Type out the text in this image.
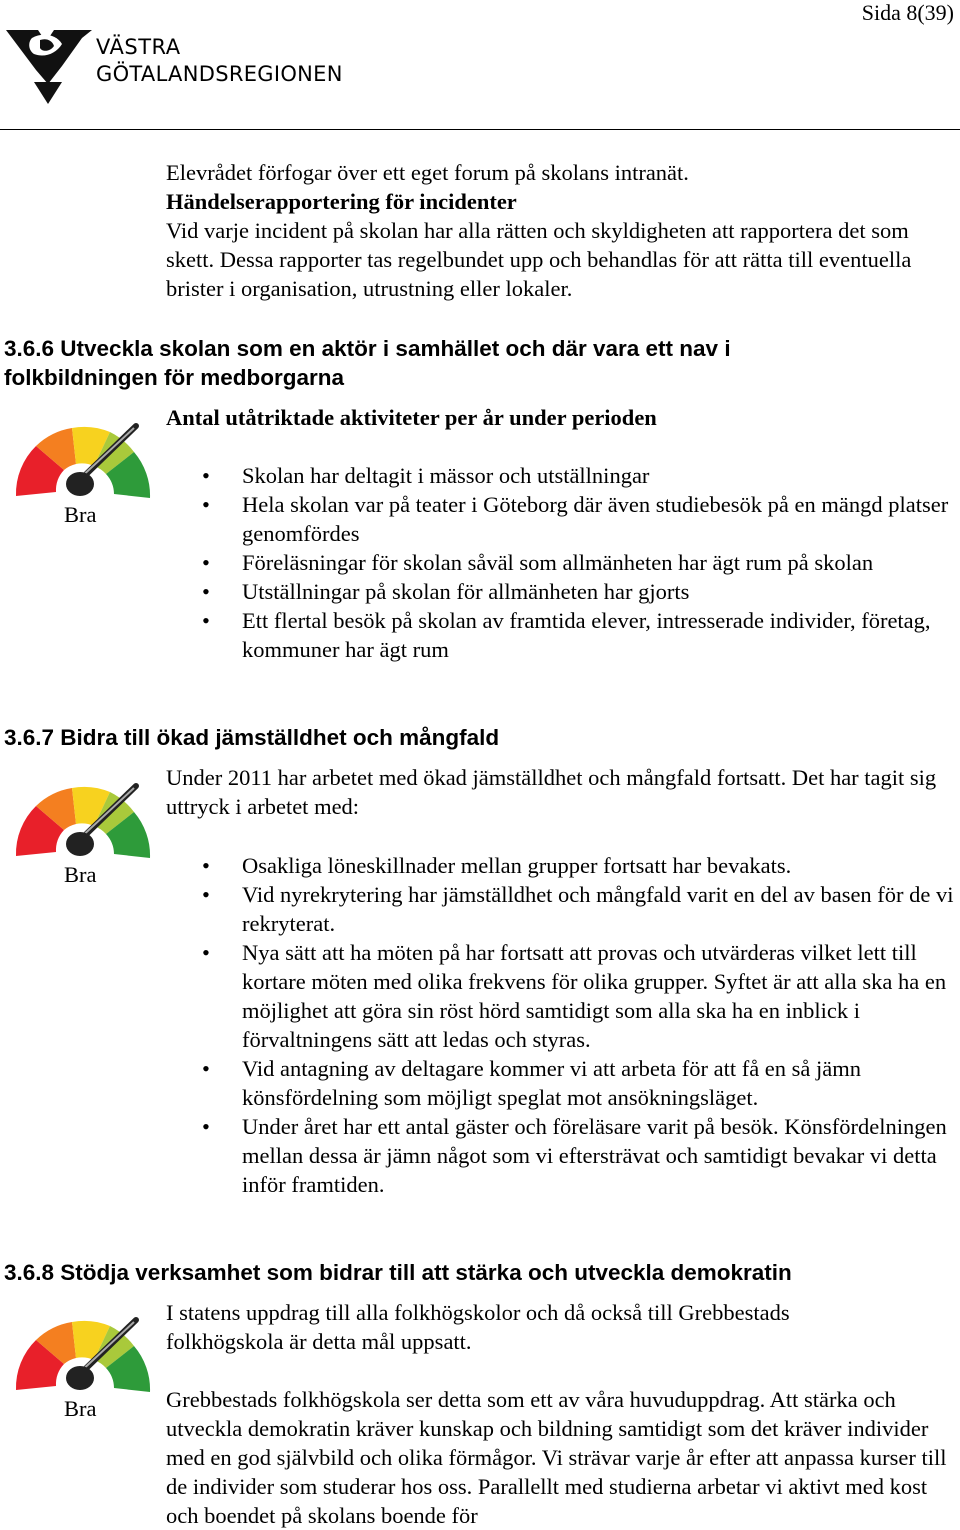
Sida 8(39)
VÄSTRA
GÖTALANDSREGIONEN

Elevrådet förfogar över ett eget forum på skolans intranät.

Händelserapportering för incidenter

Vid varje incident på skolan har alla rätten och skyldigheten att rapportera det som skett. Dessa rapporter tas regelbundet upp och behandlas för att rätta till eventuella brister i organisation, utrustning eller lokaler.

3.6.6 Utveckla skolan som en aktör i samhället och där vara ett nav i folkbildningen för medborgarna

Bra

Antal utåtriktade aktiviteter per år under perioden

• Skolan har deltagit i mässor och utställningar
• Hela skolan var på teater i Göteborg där även studiebesök på en mängd platser genomfördes
• Föreläsningar för skolan såväl som allmänheten har ägt rum på skolan
• Utställningar på skolan för allmänheten har gjorts
• Ett flertal besök på skolan av framtida elever, intresserade individer, företag, kommuner har ägt rum

3.6.7 Bidra till ökad jämställdhet och mångfald

Bra

Under 2011 har arbetet med ökad jämställdhet och mångfald fortsatt. Det har tagit sig uttryck i arbetet med:

• Osakliga löneskillnader mellan grupper fortsatt har bevakats.
• Vid nyrekrytering har jämställdhet och mångfald varit en del av basen för de vi rekryterat.
• Nya sätt att ha möten på har fortsatt att provas och utvärderas vilket lett till kortare möten med olika frekvens för olika grupper. Syftet är att alla ska ha en möjlighet att göra sin röst hörd samtidigt som alla ska ha en inblick i förvaltningens sätt att ledas och styras.
• Vid antagning av deltagare kommer vi att arbeta för att få en så jämn könsfördelning som möjligt speglat mot ansökningsläget.
• Under året har ett antal gäster och föreläsare varit på besök. Könsfördelningen mellan dessa är jämn något som vi eftersträvat och samtidigt bevakar vi detta inför framtiden.

3.6.8 Stödja verksamhet som bidrar till att stärka och utveckla demokratin

Bra

I statens uppdrag till alla folkhögskolor och då också till Grebbestads folkhögskola är detta mål uppsatt.

Grebbestads folkhögskola ser detta som ett av våra huvuduppdrag. Att stärka och utveckla demokratin kräver kunskap och bildning samtidigt som det kräver individer med en god självbild och olika förmågor. Vi strävar varje år efter att anpassa kurser till de individer som studerar hos oss. Parallellt med studierna arbetar vi aktivt med kost och boendet på skolans boende för
